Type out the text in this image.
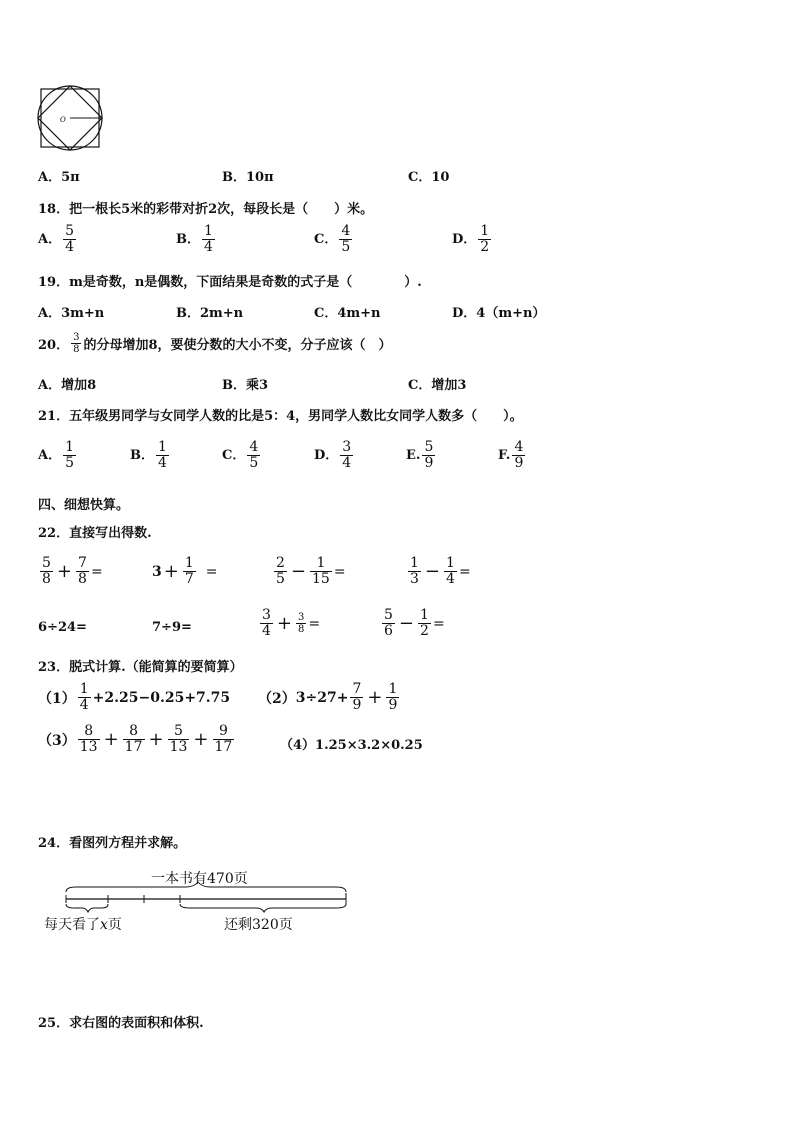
O
A．5π	B．10π	C．10
18．把一根长5米的彩带对折2次，每段长是（　　）米。
A． $\frac{5}{4}$	B． $\frac{1}{4}$	C． $\frac{4}{5}$	D． $\frac{1}{2}$
19．m是奇数，n是偶数，下面结果是奇数的式子是（　　　　）.
A．3m+n	B．2m+n	C．4m+n	D．4（m+n）
20． $\frac{3}{8}$ 的分母增加8，要使分数的大小不变，分子应该（　）
A．增加8	B．乘3	C．增加3
21．五年级男同学与女同学人数的比是5：4，男同学人数比女同学人数多（　　）。
A． $\frac{1}{5}$	B． $\frac{1}{4}$	C． $\frac{4}{5}$	D． $\frac{3}{4}$	E. $\frac{5}{9}$	F. $\frac{4}{9}$
四、细想快算。
22．直接写出得数.
$\frac{5}{8} + \frac{7}{8}$ =	$3 + \frac{1}{7}$ =	$\frac{2}{5} - \frac{1}{15}$ =	$\frac{1}{3} - \frac{1}{4}$ =
6÷24=	7÷9=	$\frac{3}{4} + \frac{3}{8}$ =	$\frac{5}{6} - \frac{1}{2}$ =
23．脱式计算.（能简算的要简算）
$(1) \frac{1}{4} +2.25-0.25+7.75$ （2） $3\div 27+ \frac{7}{9} + \frac{1}{9}$
$(3) \frac{8}{13} + \frac{8}{17} + \frac{5}{13} + \frac{9}{17}$	（4）1.25×3.2×0.25
24．看图列方程并求解。
一本书有470页
每天看了x页	还剩320页
25．求右图的表面积和体积.
